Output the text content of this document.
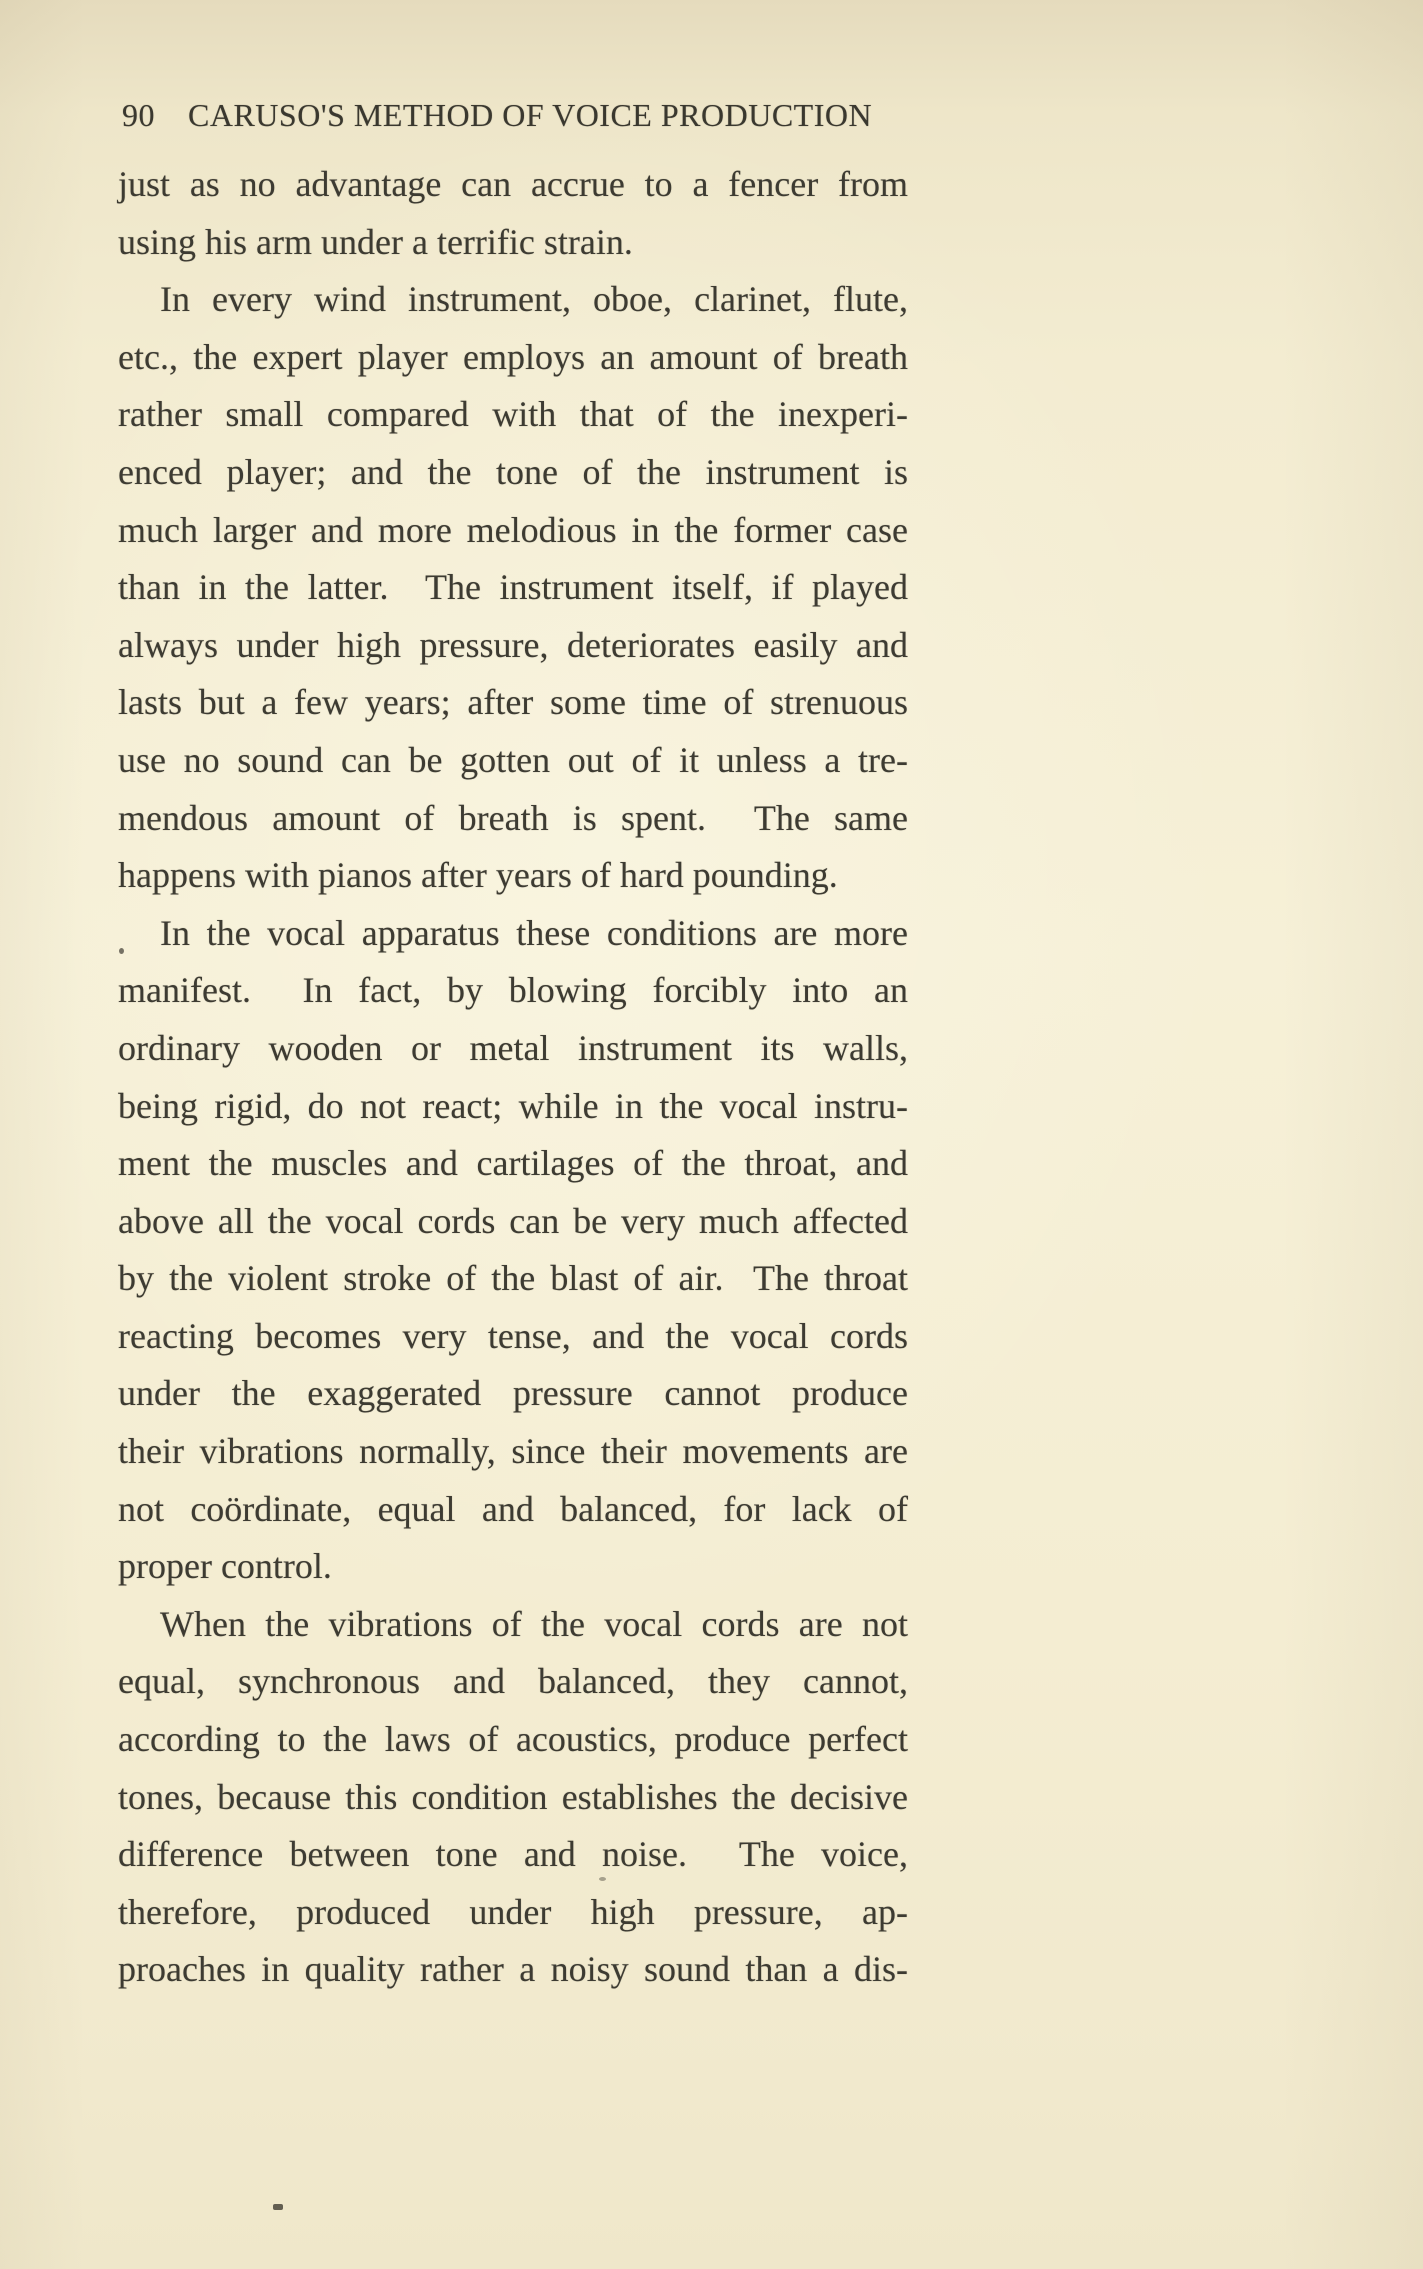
90 CARUSO'S METHOD OF VOICE PRODUCTION
just as no advantage can accrue to a fencer from
using his arm under a terrific strain.
In every wind instrument, oboe, clarinet, flute,
etc., the expert player employs an amount of breath
rather small compared with that of the inexperi-
enced player; and the tone of the instrument is
much larger and more melodious in the former case
than in the latter.  The instrument itself, if played
always under high pressure, deteriorates easily and
lasts but a few years; after some time of strenuous
use no sound can be gotten out of it unless a tre-
mendous amount of breath is spent.  The same
happens with pianos after years of hard pounding.
In the vocal apparatus these conditions are more
manifest.  In fact, by blowing forcibly into an
ordinary wooden or metal instrument its walls,
being rigid, do not react; while in the vocal instru-
ment the muscles and cartilages of the throat, and
above all the vocal cords can be very much affected
by the violent stroke of the blast of air.  The throat
reacting becomes very tense, and the vocal cords
under the exaggerated pressure cannot produce
their vibrations normally, since their movements are
not coördinate, equal and balanced, for lack of
proper control.
When the vibrations of the vocal cords are not
equal, synchronous and balanced, they cannot,
according to the laws of acoustics, produce perfect
tones, because this condition establishes the decisive
difference between tone and noise.  The voice,
therefore, produced under high pressure, ap-
proaches in quality rather a noisy sound than a dis-
